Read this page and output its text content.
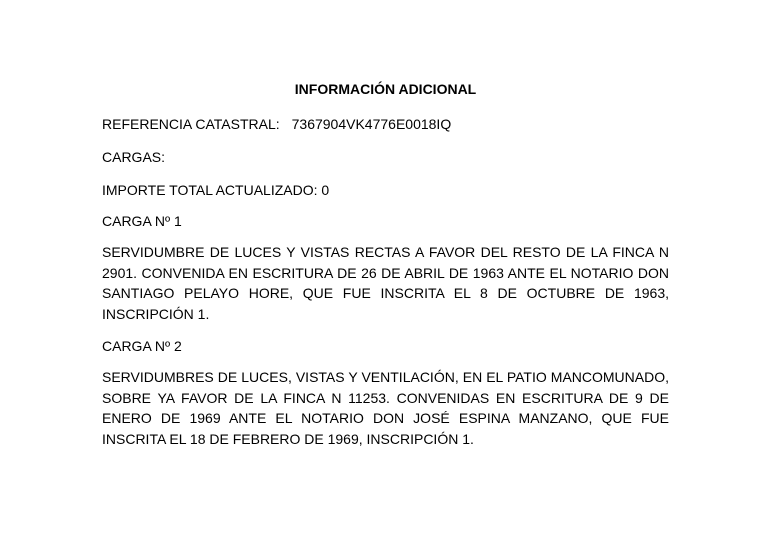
INFORMACIÓN ADICIONAL
REFERENCIA CATASTRAL: 7367904VK4776E0018IQ
CARGAS:
IMPORTE TOTAL ACTUALIZADO: 0
CARGA Nº 1
SERVIDUMBRE DE LUCES Y VISTAS RECTAS A FAVOR DEL RESTO DE LA FINCA N 2901. CONVENIDA EN ESCRITURA DE 26 DE ABRIL DE 1963 ANTE EL NOTARIO DON SANTIAGO PELAYO HORE, QUE FUE INSCRITA EL 8 DE OCTUBRE DE 1963, INSCRIPCIÓN 1.
CARGA Nº 2
SERVIDUMBRES DE LUCES, VISTAS Y VENTILACIÓN, EN EL PATIO MANCOMUNADO, SOBRE YA FAVOR DE LA FINCA N 11253. CONVENIDAS EN ESCRITURA DE 9 DE ENERO DE 1969 ANTE EL NOTARIO DON JOSÉ ESPINA MANZANO, QUE FUE INSCRITA EL 18 DE FEBRERO DE 1969, INSCRIPCIÓN 1.
